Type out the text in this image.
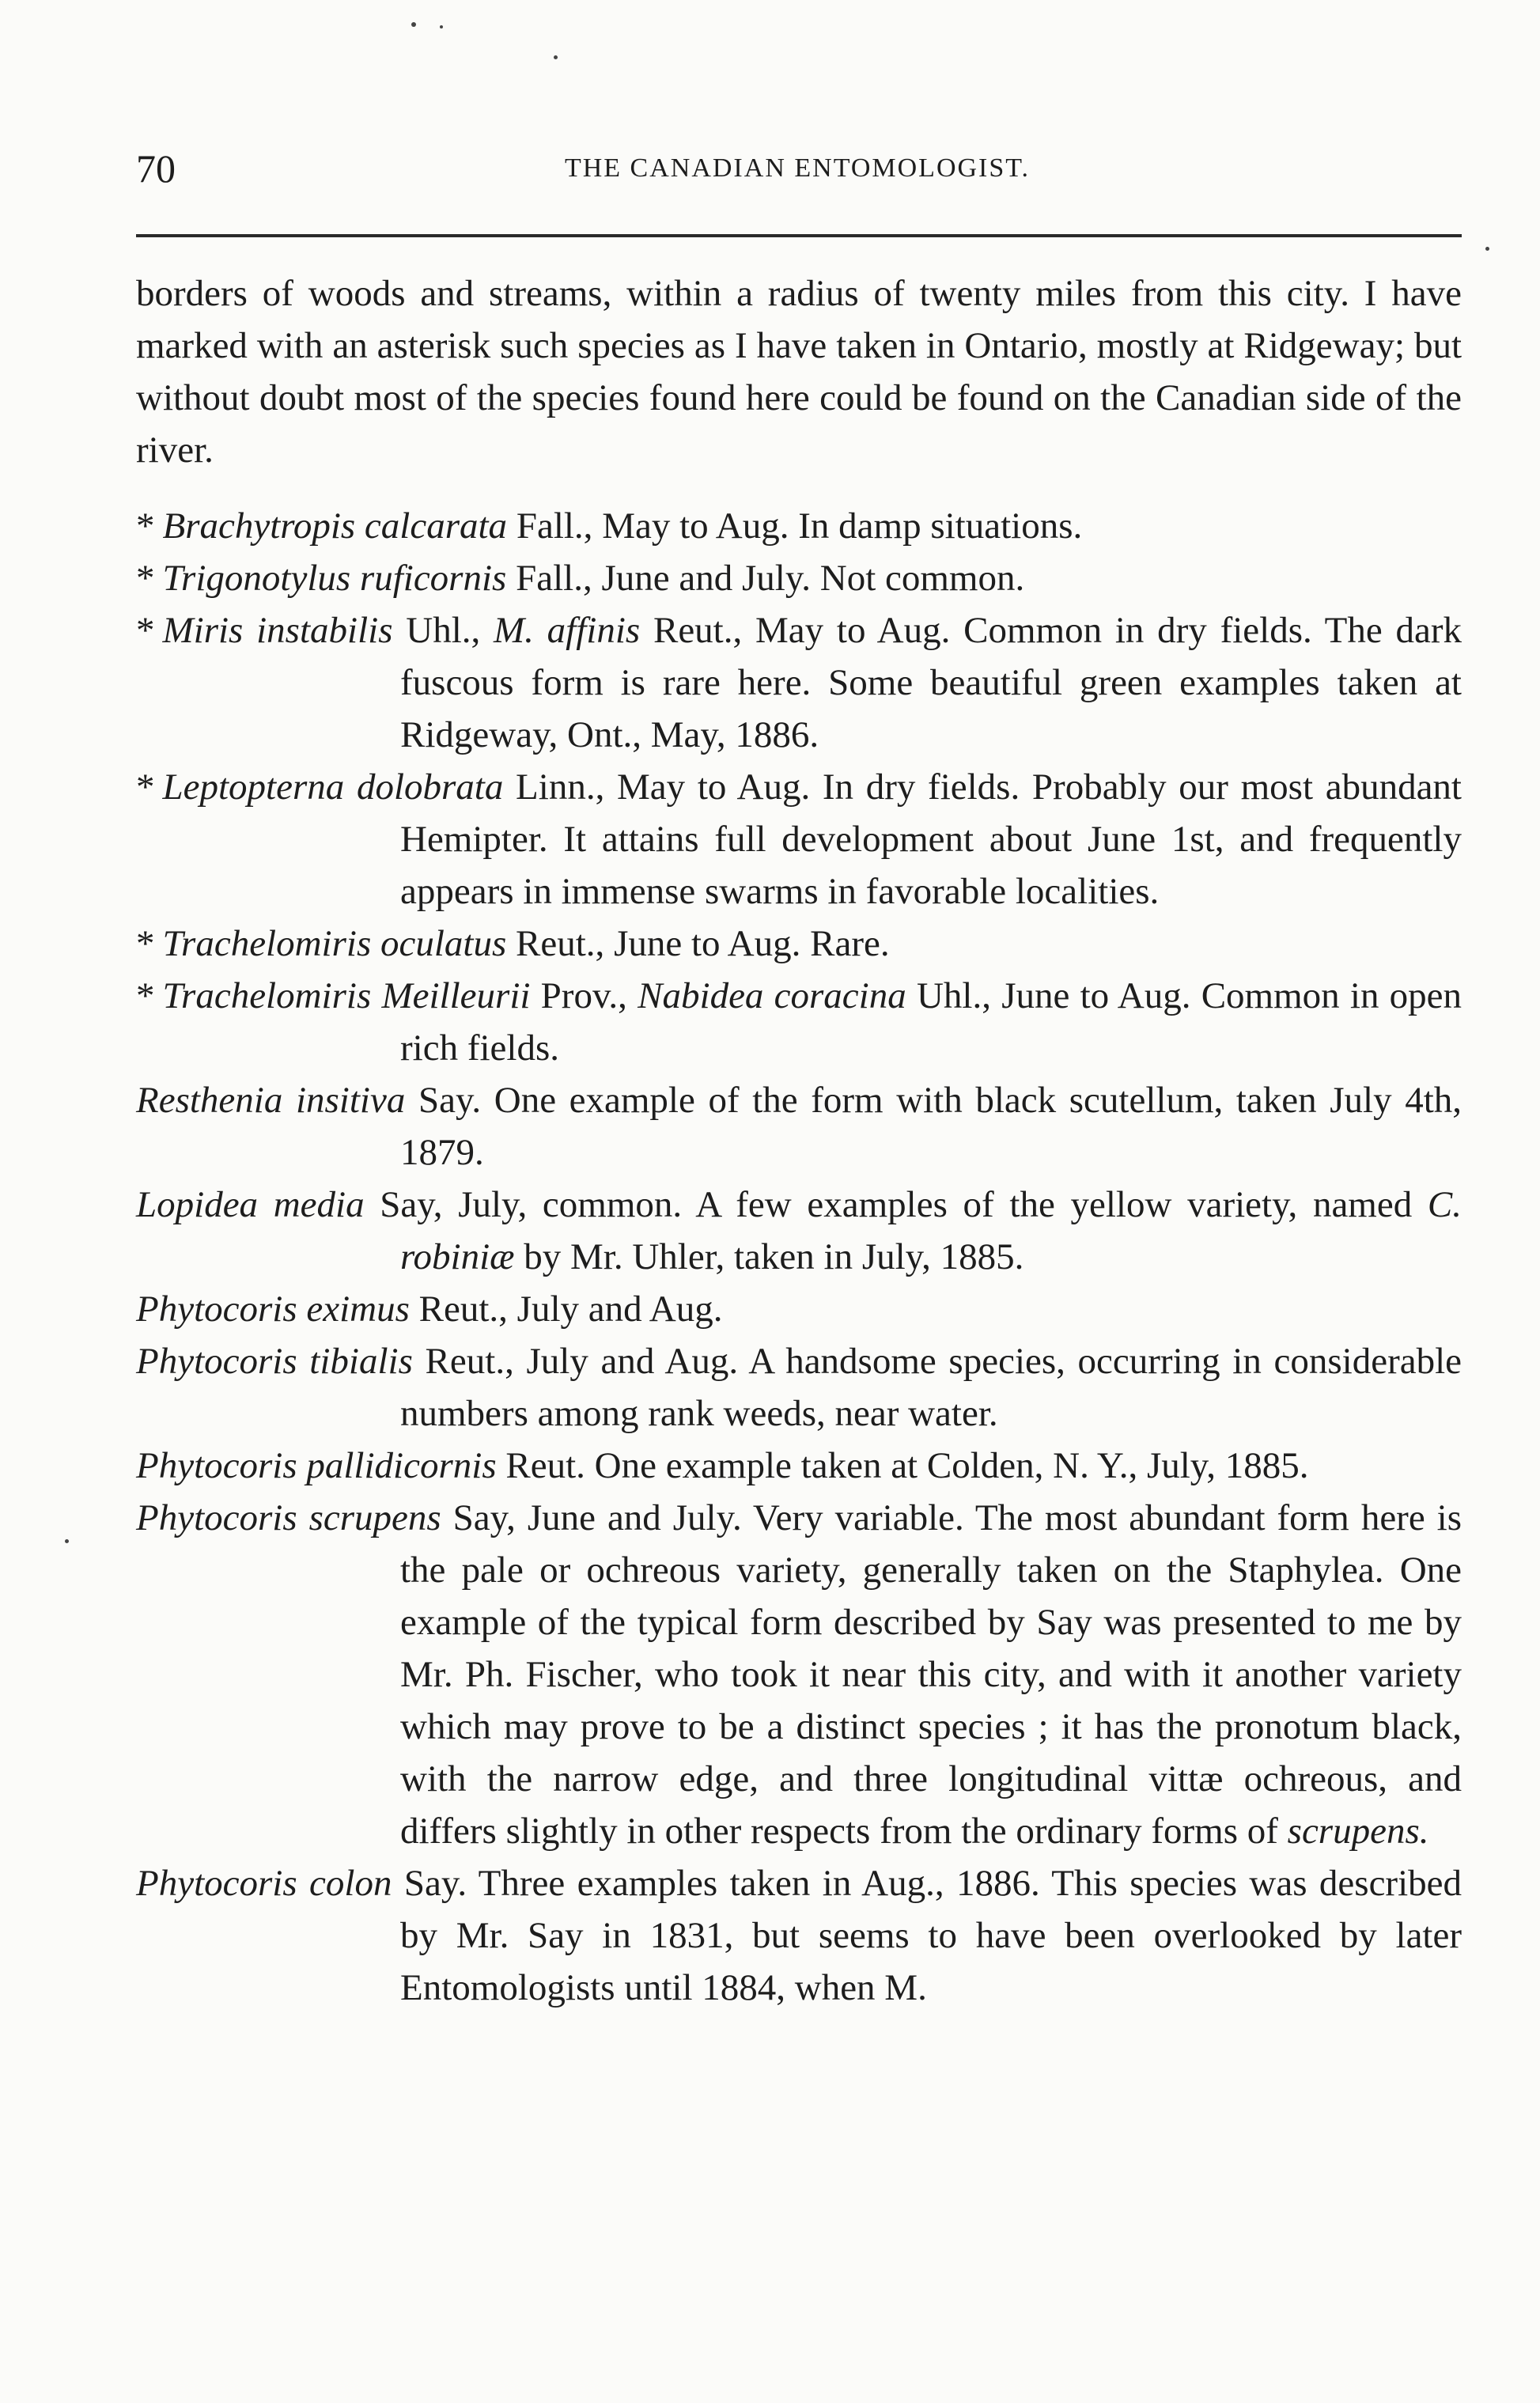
70	THE CANADIAN ENTOMOLOGIST.

borders of woods and streams, within a radius of twenty miles from this city. I have marked with an asterisk such species as I have taken in Ontario, mostly at Ridgeway; but without doubt most of the species found here could be found on the Canadian side of the river.

* Brachytropis calcarata Fall., May to Aug. In damp situations.

* Trigonotylus ruficornis Fall., June and July. Not common.

* Miris instabilis Uhl., M. affinis Reut., May to Aug. Common in dry fields. The dark fuscous form is rare here. Some beautiful green examples taken at Ridgeway, Ont., May, 1886.

* Leptopterna dolobrata Linn., May to Aug. In dry fields. Probably our most abundant Hemipter. It attains full development about June 1st, and frequently appears in immense swarms in favorable localities.

* Trachelomiris oculatus Reut., June to Aug. Rare.

* Trachelomiris Meilleurii Prov., Nabidea coracina Uhl., June to Aug. Common in open rich fields.

Resthenia insitiva Say. One example of the form with black scutellum, taken July 4th, 1879.

Lopidea media Say, July, common. A few examples of the yellow variety, named C. robiniæ by Mr. Uhler, taken in July, 1885.

Phytocoris eximus Reut., July and Aug.

Phytocoris tibialis Reut., July and Aug. A handsome species, occurring in considerable numbers among rank weeds, near water.

Phytocoris pallidicornis Reut. One example taken at Colden, N. Y., July, 1885.

Phytocoris scrupens Say, June and July. Very variable. The most abundant form here is the pale or ochreous variety, generally taken on the Staphylea. One example of the typical form described by Say was presented to me by Mr. Ph. Fischer, who took it near this city, and with it another variety which may prove to be a distinct species ; it has the pronotum black, with the narrow edge, and three longitudinal vittæ ochreous, and differs slightly in other respects from the ordinary forms of scrupens.

Phytocoris colon Say. Three examples taken in Aug., 1886. This species was described by Mr. Say in 1831, but seems to have been overlooked by later Entomologists until 1884, when M.
